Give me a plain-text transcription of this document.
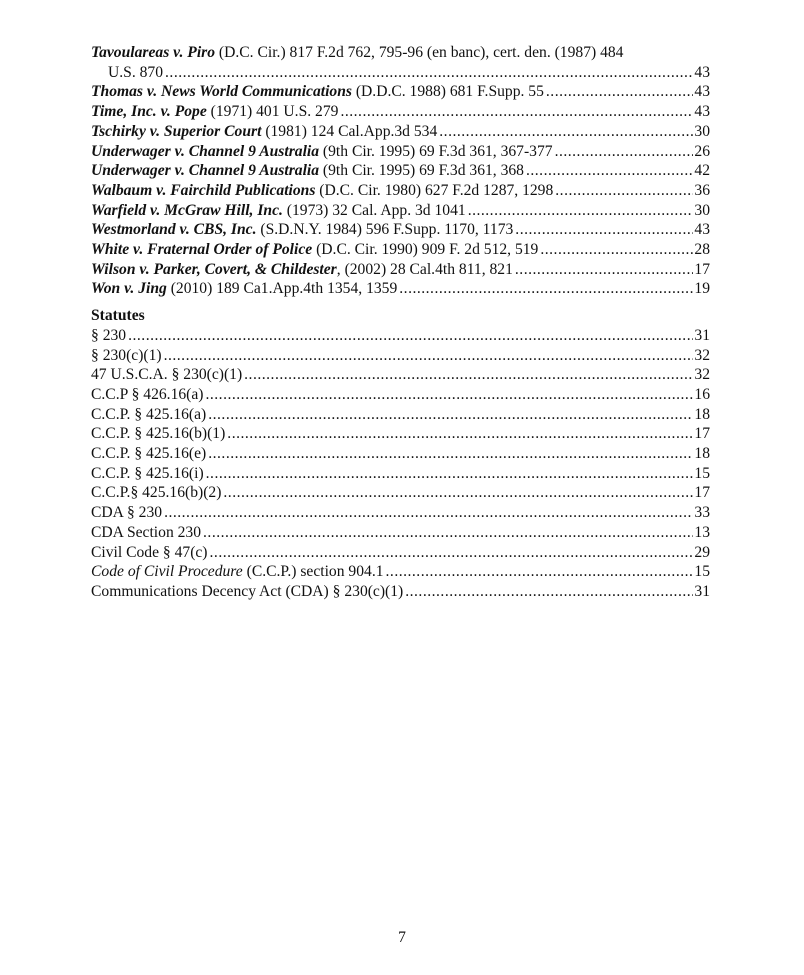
Tavoulareas v. Piro (D.C. Cir.) 817 F.2d 762, 795-96 (en banc), cert. den. (1987) 484
U.S. 870 .....	43
Thomas v. News World Communications (D.D.C. 1988) 681 F.Supp. 55 .....	43
Time, Inc. v. Pope (1971) 401 U.S. 279 .....	43
Tschirky v. Superior Court (1981) 124 Cal.App.3d 534 .....	30
Underwager v. Channel 9 Australia (9th Cir. 1995) 69 F.3d 361, 367-377 .....	26
Underwager v. Channel 9 Australia (9th Cir. 1995) 69 F.3d 361, 368 .....	42
Walbaum v. Fairchild Publications (D.C. Cir. 1980) 627 F.2d 1287, 1298 .....	36
Warfield v. McGraw Hill, Inc. (1973) 32 Cal. App. 3d 1041 .....	30
Westmorland v. CBS, Inc. (S.D.N.Y. 1984) 596 F.Supp. 1170, 1173 .....	43
White v. Fraternal Order of Police (D.C. Cir. 1990) 909 F. 2d 512, 519 .....	28
Wilson v. Parker, Covert, & Childester, (2002) 28 Cal.4th 811, 821 .....	17
Won v. Jing (2010) 189 Ca1.App.4th 1354, 1359 .....	19
Statutes
§ 230 .....	31
§ 230(c)(1) .....	32
47 U.S.C.A. § 230(c)(1) .....	32
C.C.P § 426.16(a) .....	16
C.C.P. § 425.16(a) .....	18
C.C.P. § 425.16(b)(1) .....	17
C.C.P. § 425.16(e) .....	18
C.C.P. § 425.16(i) .....	15
C.C.P.§ 425.16(b)(2) .....	17
CDA § 230 .....	33
CDA Section 230 .....	13
Civil Code § 47(c) .....	29
Code of Civil Procedure (C.C.P.) section 904.1 .....	15
Communications Decency Act (CDA) § 230(c)(1) .....	31
7
